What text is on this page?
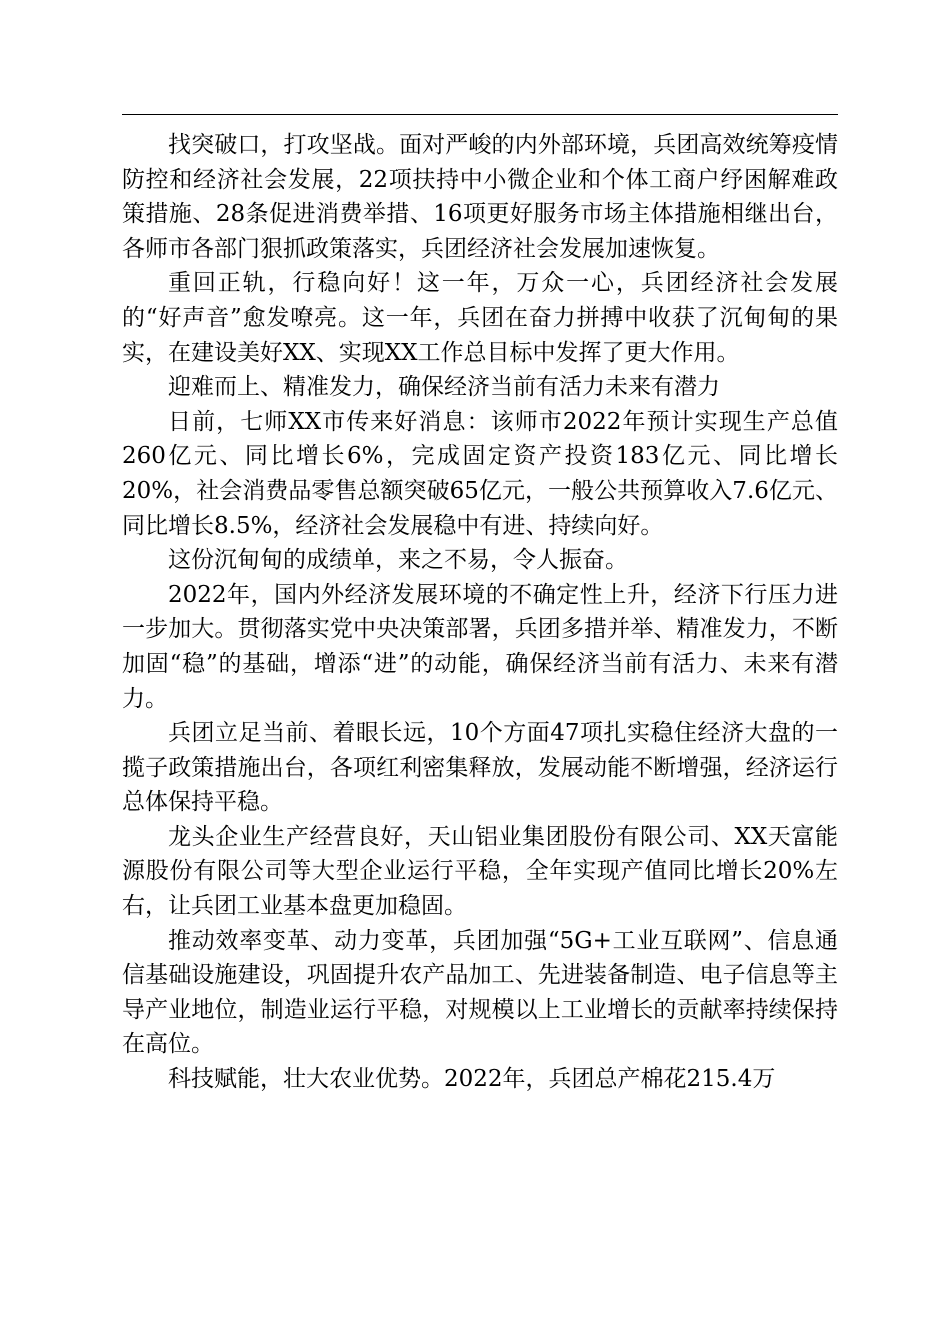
找突破口，打攻坚战。面对严峻的内外部环境，兵团高效统筹疫情防控和经济社会发展，22项扶持中小微企业和个体工商户纾困解难政策措施、28条促进消费举措、16项更好服务市场主体措施相继出台，各师市各部门狠抓政策落实，兵团经济社会发展加速恢复。

重回正轨，行稳向好！这一年，万众一心，兵团经济社会发展的“好声音”愈发嘹亮。这一年，兵团在奋力拼搏中收获了沉甸甸的果实，在建设美好XX、实现XX工作总目标中发挥了更大作用。

迎难而上、精准发力，确保经济当前有活力未来有潜力

日前，七师XX市传来好消息：该师市2022年预计实现生产总值260亿元、同比增长6%，完成固定资产投资183亿元、同比增长20%，社会消费品零售总额突破65亿元，一般公共预算收入7.6亿元、同比增长8.5%，经济社会发展稳中有进、持续向好。

这份沉甸甸的成绩单，来之不易，令人振奋。

2022年，国内外经济发展环境的不确定性上升，经济下行压力进一步加大。贯彻落实党中央决策部署，兵团多措并举、精准发力，不断加固“稳”的基础，增添“进”的动能，确保经济当前有活力、未来有潜力。

兵团立足当前、着眼长远，10个方面47项扎实稳住经济大盘的一揽子政策措施出台，各项红利密集释放，发展动能不断增强，经济运行总体保持平稳。

龙头企业生产经营良好，天山铝业集团股份有限公司、XX天富能源股份有限公司等大型企业运行平稳，全年实现产值同比增长20%左右，让兵团工业基本盘更加稳固。

推动效率变革、动力变革，兵团加强“5G+工业互联网”、信息通信基础设施建设，巩固提升农产品加工、先进装备制造、电子信息等主导产业地位，制造业运行平稳，对规模以上工业增长的贡献率持续保持在高位。

科技赋能，壮大农业优势。2022年，兵团总产棉花215.4万
